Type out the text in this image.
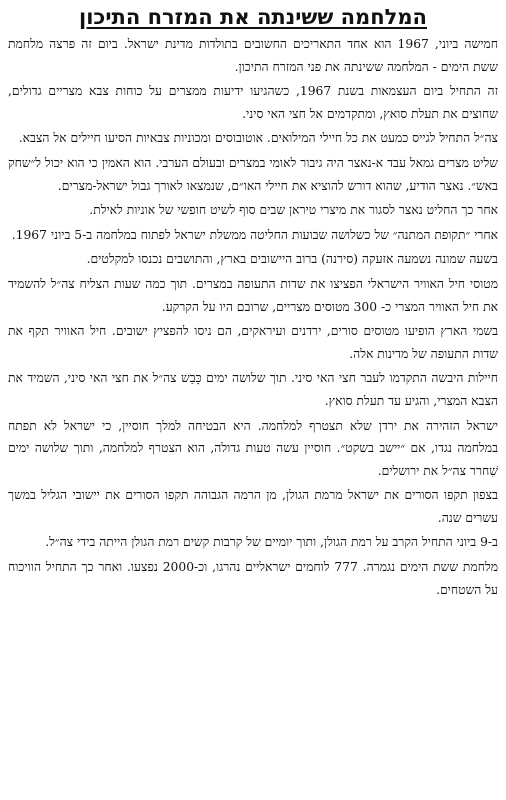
המלחמה ששינתה את המזרח התיכון

חמישה ביוני, 1967 הוא אחד התאריכים החשובים בתולדות מדינת ישראל. ביום זה פרצה מלחמת ששת הימים - המלחמה ששינתה את פני המזרח התיכון.

זה התחיל ביום העצמאות בשנת 1967, כשהגיעו ידיעות ממצרים על כוחות צבא מצריים גדולים, שחוצים את תעלת סואץ, ומתקדמים אל חצי האי סיני.

צה״ל התחיל לגייס כמעט את כל חיילי המילואים. אוטובוסים ומכוניות צבאיות הסיעו חיילים אל הצבא.

שליט מצרים גמאל עבד א-נאצר היה גיבור לאומי במצרים ובעולם הערבי. הוא האמין כי הוא יכול ל״שחק באש״. נאצר הודיע, שהוא דורש להוציא את חיילי האו״ם, שנמצאו לאורך גבול ישראל-מצרים.

אחר כך החליט נאצר לסגור את מיצרי טיראן שבים סוף לשיט חופשי של אוניות לאילת.

אחרי ״תקופת המתנה״ של כשלושה שבועות החליטה ממשלת ישראל לפתוח במלחמה ב-5 ביוני 1967.

בשעה שמונה נשמעה אזעקה (סירנה) ברוב היישובים בארץ, והתושבים נכנסו למקלטים.

מטוסי חיל האוויר הישראלי הפציצו את שדות התעופה במצרים. תוך כמה שעות הצליח צה״ל להשמיד את חיל האוויר המצרי כ- 300 מטוסים מצריים, שרובם היו על הקרקע.

בשמי הארץ הופיעו מטוסים סורים, ירדנים ועיראקים, הם ניסו להפציץ ישובים. חיל האוויר תקף את שדות התעופה של מדינות אלה.

חיילות היבשה התקדמו לעבר חצי האי סיני. תוך שלושה ימים כָּבַש צה״ל את חצי האי סיני, השמיד את הצבא המצרי, והגיע עד תעלת סואץ.

ישראל הזהירה את ירדן שלא תצטרף למלחמה. היא הבטיחה למלך חוסיין, כי ישראל לא תפתח במלחמה נגדו, אם ״יישב בשקט״. חוסיין עשה טעות גדולה, הוא הצטרף למלחמה, ותוך שלושה ימים שִׁחרר צה״ל את ירושלים.

בצפון תקפו הסורים את ישראל מרמת הגולן, מן הרמה הגבוהה תקפו הסורים את יישובי הגליל במשך עשרים שנה.

ב-9 ביוני התחיל הקרב על רמת הגולן, ותוך יומיים של קרבות קשים רמת הגולן הייתה בידי צה״ל.

מלחמת ששת הימים נגמרה. 777 לוחמים ישראליים נהרגו, וכ-2000 נפצעו. ואחר כך התחיל הוויכוח על השטחים.
